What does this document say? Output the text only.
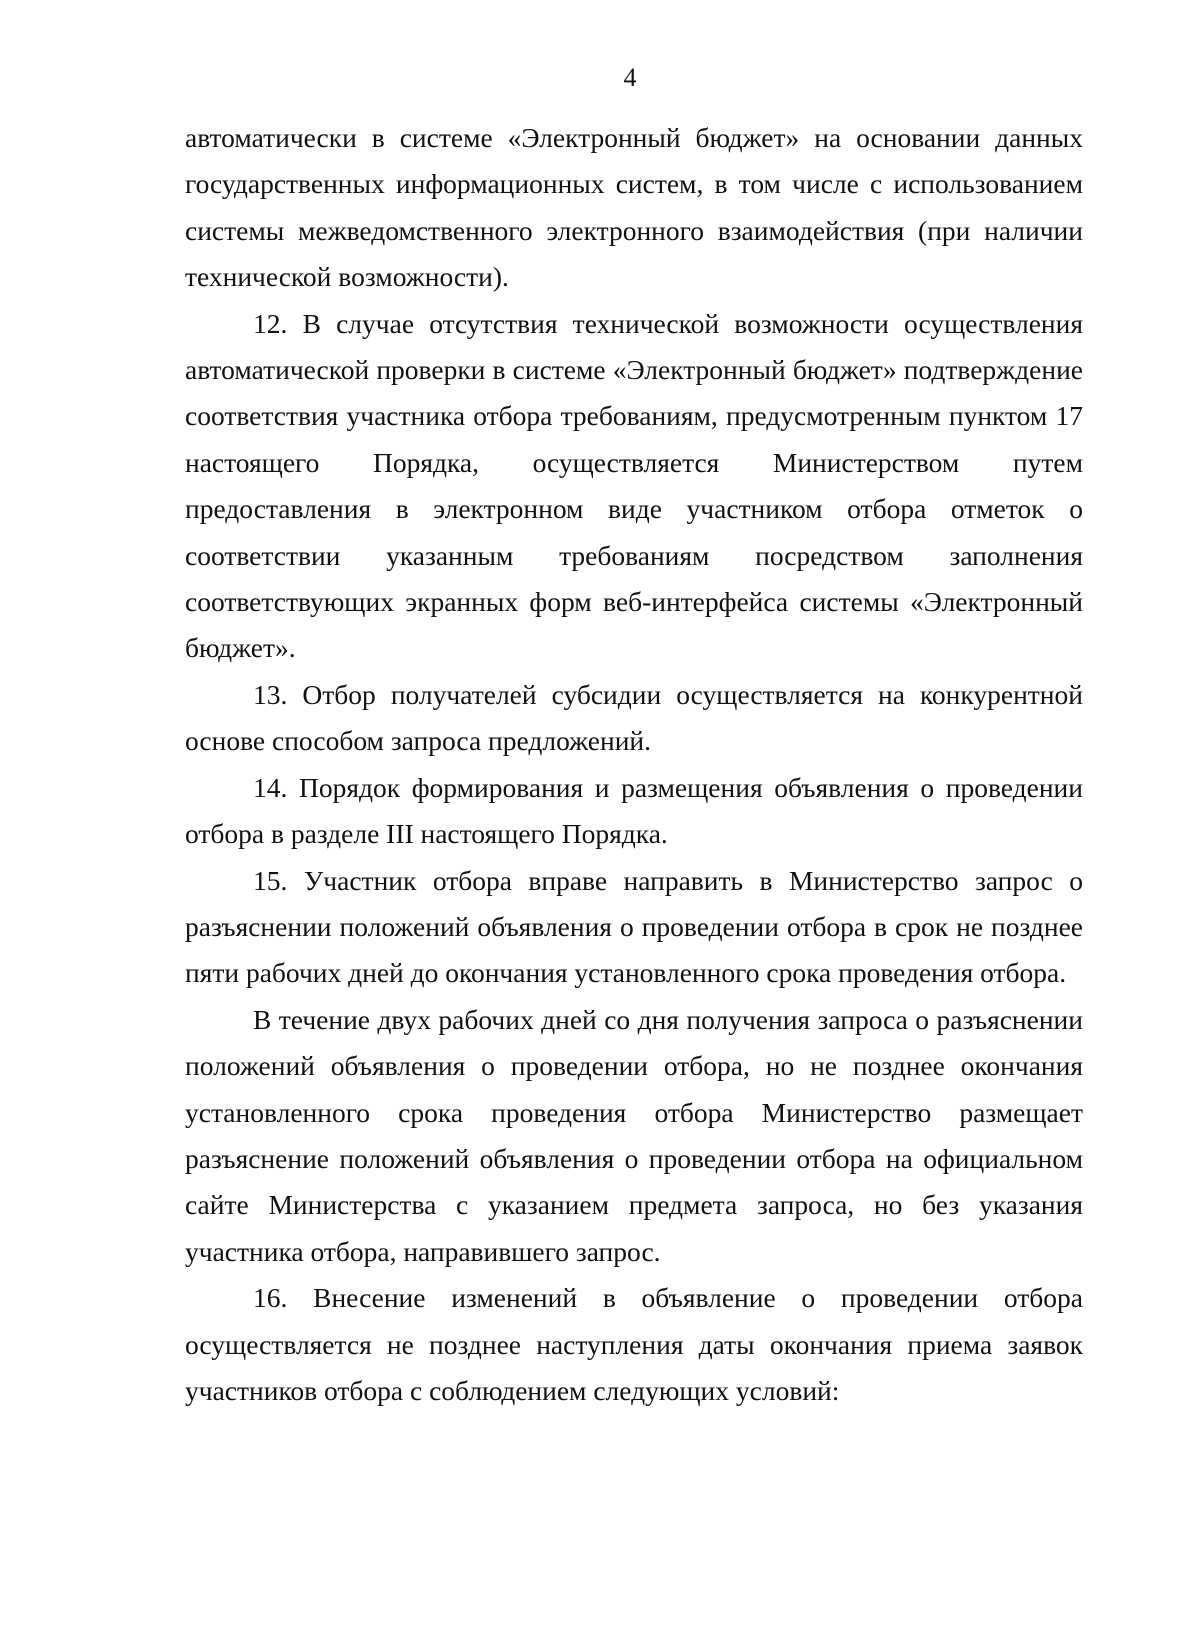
4

автоматически в системе «Электронный бюджет» на основании данных государственных информационных систем, в том числе с использованием системы межведомственного электронного взаимодействия (при наличии технической возможности).

12. В случае отсутствия технической возможности осуществления автоматической проверки в системе «Электронный бюджет» подтверждение соответствия участника отбора требованиям, предусмотренным пунктом 17 настоящего Порядка, осуществляется Министерством путем предоставления в электронном виде участником отбора отметок о соответствии указанным требованиям посредством заполнения соответствующих экранных форм веб-интерфейса системы «Электронный бюджет».

13. Отбор получателей субсидии осуществляется на конкурентной основе способом запроса предложений.

14. Порядок формирования и размещения объявления о проведении отбора в разделе III настоящего Порядка.

15. Участник отбора вправе направить в Министерство запрос о разъяснении положений объявления о проведении отбора в срок не позднее пяти рабочих дней до окончания установленного срока проведения отбора.

В течение двух рабочих дней со дня получения запроса о разъяснении положений объявления о проведении отбора, но не позднее окончания установленного срока проведения отбора Министерство размещает разъяснение положений объявления о проведении отбора на официальном сайте Министерства с указанием предмета запроса, но без указания участника отбора, направившего запрос.

16. Внесение изменений в объявление о проведении отбора осуществляется не позднее наступления даты окончания приема заявок участников отбора с соблюдением следующих условий:
